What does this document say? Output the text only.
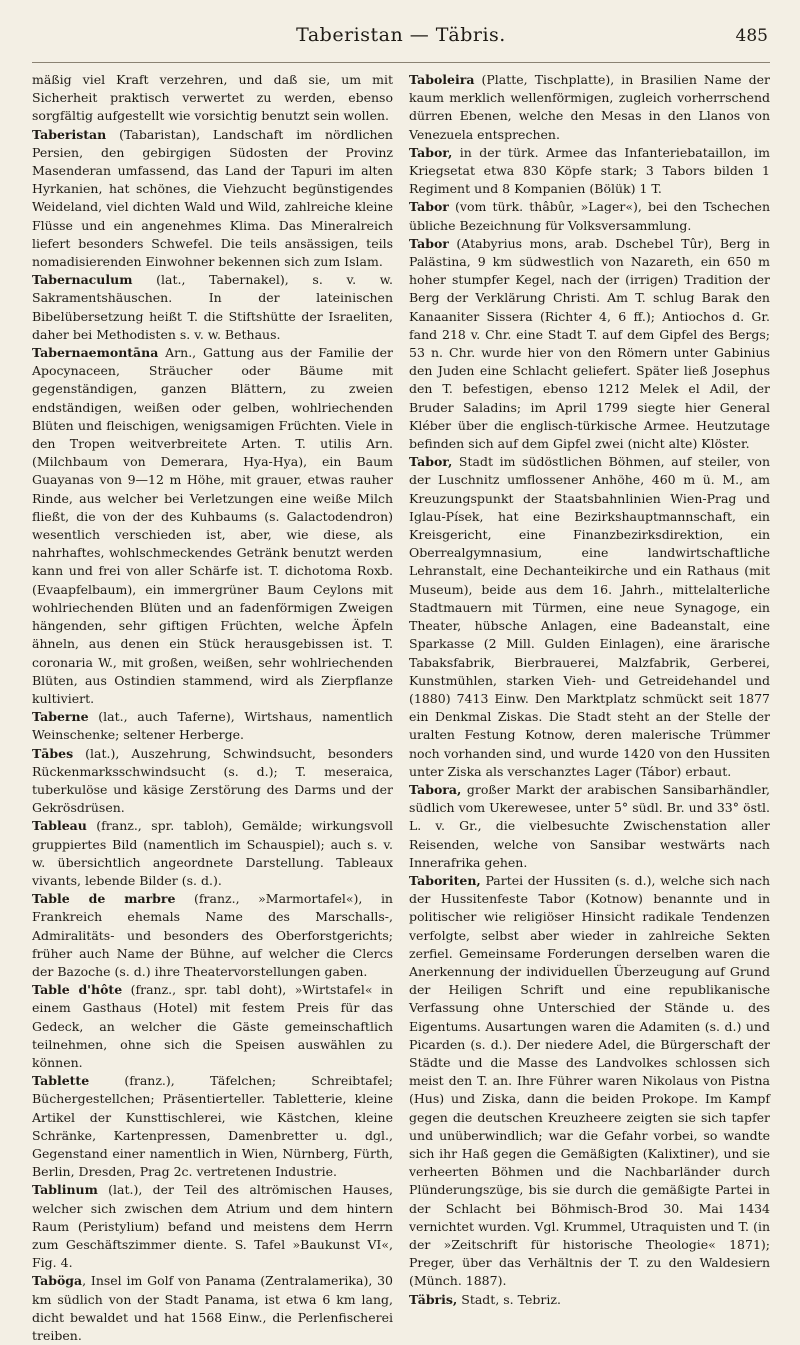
Taberistan — Täbris.	485

mäßig viel Kraft verzehren, und daß sie, um mit Sicherheit praktisch verwertet zu werden, ebenso sorgfältig aufgestellt wie vorsichtig benutzt sein wollen.

Taberistan (Tabaristan), Landschaft im nördlichen Persien, den gebirgigen Südosten der Provinz Masenderan umfassend, das Land der Tapuri im alten Hyrkanien, hat schönes, die Viehzucht begünstigendes Weideland, viel dichten Wald und Wild, zahlreiche kleine Flüsse und ein angenehmes Klima. Das Mineralreich liefert besonders Schwefel. Die teils ansässigen, teils nomadisierenden Einwohner bekennen sich zum Islam.

Tabernaculum (lat., Tabernakel), s. v. w. Sakramentshäuschen. In der lateinischen Bibelübersetzung heißt T. die Stiftshütte der Israeliten, daher bei Methodisten s. v. w. Bethaus.

Tabernaemontāna Arn., Gattung aus der Familie der Apocynaceen, Sträucher oder Bäume mit gegenständigen, ganzen Blättern, zu zweien endständigen, weißen oder gelben, wohlriechenden Blüten und fleischigen, wenigsamigen Früchten. Viele in den Tropen weitverbreitete Arten. T. utilis Arn. (Milchbaum von Demerara, Hya-Hya), ein Baum Guayanas von 9—12 m Höhe, mit grauer, etwas rauher Rinde, aus welcher bei Verletzungen eine weiße Milch fließt, die von der des Kuhbaums (s. Galactodendron) wesentlich verschieden ist, aber, wie diese, als nahrhaftes, wohlschmeckendes Getränk benutzt werden kann und frei von aller Schärfe ist. T. dichotoma Roxb. (Evaapfelbaum), ein immergrüner Baum Ceylons mit wohlriechenden Blüten und an fadenförmigen Zweigen hängenden, sehr giftigen Früchten, welche Äpfeln ähneln, aus denen ein Stück herausgebissen ist. T. coronaria W., mit großen, weißen, sehr wohlriechenden Blüten, aus Ostindien stammend, wird als Zierpflanze kultiviert.

Taberne (lat., auch Taferne), Wirtshaus, namentlich Weinschenke; seltener Herberge.

Tābes (lat.), Auszehrung, Schwindsucht, besonders Rückenmarksschwindsucht (s. d.); T. meseraica, tuberkulöse und käsige Zerstörung des Darms und der Gekrösdrüsen.

Tableau (franz., spr. tabloh), Gemälde; wirkungsvoll gruppiertes Bild (namentlich im Schauspiel); auch s. v. w. übersichtlich angeordnete Darstellung. Tableaux vivants, lebende Bilder (s. d.).

Table de marbre (franz., »Marmortafel«), in Frankreich ehemals Name des Marschalls-, Admiralitäts- und besonders des Oberforstgerichts; früher auch Name der Bühne, auf welcher die Clercs der Bazoche (s. d.) ihre Theatervorstellungen gaben.

Table d'hôte (franz., spr. tabl doht), »Wirtstafel« in einem Gasthaus (Hotel) mit festem Preis für das Gedeck, an welcher die Gäste gemeinschaftlich teilnehmen, ohne sich die Speisen auswählen zu können.

Tablette (franz.), Täfelchen; Schreibtafel; Büchergestellchen; Präsentierteller. Tabletterie, kleine Artikel der Kunsttischlerei, wie Kästchen, kleine Schränke, Kartenpressen, Damenbretter u. dgl., Gegenstand einer namentlich in Wien, Nürnberg, Fürth, Berlin, Dresden, Prag 2c. vertretenen Industrie.

Tablinum (lat.), der Teil des altrömischen Hauses, welcher sich zwischen dem Atrium und dem hintern Raum (Peristylium) befand und meistens dem Herrn zum Geschäftszimmer diente. S. Tafel »Baukunst VI«, Fig. 4.

Taböga, Insel im Golf von Panama (Zentralamerika), 30 km südlich von der Stadt Panama, ist etwa 6 km lang, dicht bewaldet und hat 1568 Einw., die Perlenfischerei treiben.

Taboleira (Platte, Tischplatte), in Brasilien Name der kaum merklich wellenförmigen, zugleich vorherrschend dürren Ebenen, welche den Mesas in den Llanos von Venezuela entsprechen.

Tabor, in der türk. Armee das Infanteriebataillon, im Kriegsetat etwa 830 Köpfe stark; 3 Tabors bilden 1 Regiment und 8 Kompanien (Bölük) 1 T.

Tabor (vom türk. thâbûr, »Lager«), bei den Tschechen übliche Bezeichnung für Volksversammlung.

Tabor (Atabyrius mons, arab. Dschebel Tûr), Berg in Palästina, 9 km südwestlich von Nazareth, ein 650 m hoher stumpfer Kegel, nach der (irrigen) Tradition der Berg der Verklärung Christi. Am T. schlug Barak den Kanaaniter Sissera (Richter 4, 6 ff.); Antiochos d. Gr. fand 218 v. Chr. eine Stadt T. auf dem Gipfel des Bergs; 53 n. Chr. wurde hier von den Römern unter Gabinius den Juden eine Schlacht geliefert. Später ließ Josephus den T. befestigen, ebenso 1212 Melek el Adil, der Bruder Saladins; im April 1799 siegte hier General Kléber über die englisch-türkische Armee. Heutzutage befinden sich auf dem Gipfel zwei (nicht alte) Klöster.

Tabor, Stadt im südöstlichen Böhmen, auf steiler, von der Luschnitz umflossener Anhöhe, 460 m ü. M., am Kreuzungspunkt der Staatsbahnlinien Wien-Prag und Iglau-Písek, hat eine Bezirkshauptmannschaft, ein Kreisgericht, eine Finanzbezirksdirektion, ein Oberrealgymnasium, eine landwirtschaftliche Lehranstalt, eine Dechanteikirche und ein Rathaus (mit Museum), beide aus dem 16. Jahrh., mittelalterliche Stadtmauern mit Türmen, eine neue Synagoge, ein Theater, hübsche Anlagen, eine Badeanstalt, eine Sparkasse (2 Mill. Gulden Einlagen), eine ärarische Tabaksfabrik, Bierbrauerei, Malzfabrik, Gerberei, Kunstmühlen, starken Vieh- und Getreidehandel und (1880) 7413 Einw. Den Marktplatz schmückt seit 1877 ein Denkmal Ziskas. Die Stadt steht an der Stelle der uralten Festung Kotnow, deren malerische Trümmer noch vorhanden sind, und wurde 1420 von den Hussiten unter Ziska als verschanztes Lager (Tábor) erbaut.

Tabora, großer Markt der arabischen Sansibarhändler, südlich vom Ukerewesee, unter 5° südl. Br. und 33° östl. L. v. Gr., die vielbesuchte Zwischenstation aller Reisenden, welche von Sansibar westwärts nach Innerafrika gehen.

Taboriten, Partei der Hussiten (s. d.), welche sich nach der Hussitenfeste Tabor (Kotnow) benannte und in politischer wie religiöser Hinsicht radikale Tendenzen verfolgte, selbst aber wieder in zahlreiche Sekten zerfiel. Gemeinsame Forderungen derselben waren die Anerkennung der individuellen Überzeugung auf Grund der Heiligen Schrift und eine republikanische Verfassung ohne Unterschied der Stände u. des Eigentums. Ausartungen waren die Adamiten (s. d.) und Picarden (s. d.). Der niedere Adel, die Bürgerschaft der Städte und die Masse des Landvolkes schlossen sich meist den T. an. Ihre Führer waren Nikolaus von Pistna (Hus) und Ziska, dann die beiden Prokope. Im Kampf gegen die deutschen Kreuzheere zeigten sie sich tapfer und unüberwindlich; war die Gefahr vorbei, so wandte sich ihr Haß gegen die Gemäßigten (Kalixtiner), und sie verheerten Böhmen und die Nachbarländer durch Plünderungszüge, bis sie durch die gemäßigte Partei in der Schlacht bei Böhmisch-Brod 30. Mai 1434 vernichtet wurden. Vgl. Krummel, Utraquisten und T. (in der »Zeitschrift für historische Theologie« 1871); Preger, über das Verhältnis der T. zu den Waldesiern (Münch. 1887).

Täbris, Stadt, s. Tebriz.
